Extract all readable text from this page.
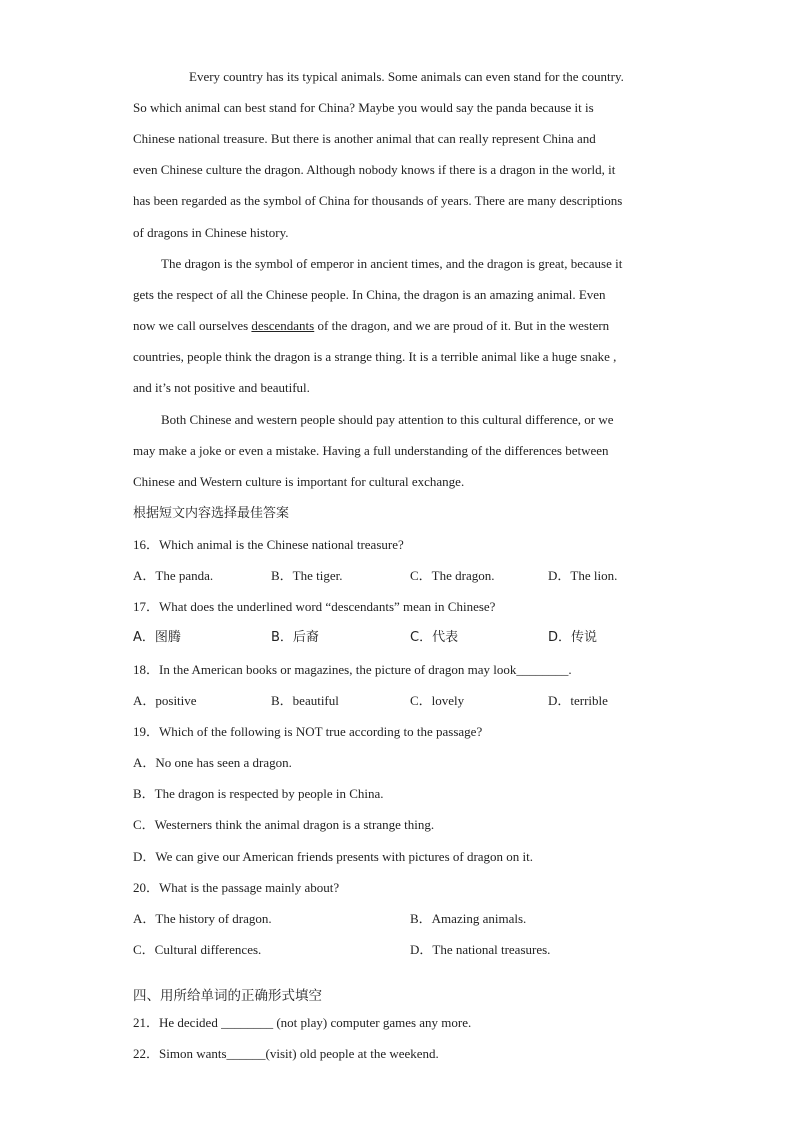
Every country has its typical animals. Some animals can even stand for the country.
So which animal can best stand for China? Maybe you would say the panda because it is
Chinese national treasure. But there is another animal that can really represent China and
even Chinese culture the dragon. Although nobody knows if there is a dragon in the world, it
has been regarded as the symbol of China for thousands of years. There are many descriptions
of dragons in Chinese history.
The dragon is the symbol of emperor in ancient times, and the dragon is great, because it
gets the respect of all the Chinese people. In China, the dragon is an amazing animal. Even
now we call ourselves descendants of the dragon, and we are proud of it. But in the western
countries, people think the dragon is a strange thing. It is a terrible animal like a huge snake ,
and it’s not positive and beautiful.
Both Chinese and western people should pay attention to this cultural difference, or we
may make a joke or even a mistake. Having a full understanding of the differences between
Chinese and Western culture is important for cultural exchange.
根据短文内容选择最佳答案
16．Which animal is the Chinese national treasure?
A．The panda.	B．The tiger.	C．The dragon.	D．The lion.
17．What does the underlined word “descendants” mean in Chinese?
A．图腾	B．后裔	C．代表	D．传说
18．In the American books or magazines, the picture of dragon may look________.
A．positive	B．beautiful	C．lovely	D．terrible
19．Which of the following is NOT true according to the passage?
A．No one has seen a dragon.
B．The dragon is respected by people in China.
C．Westerners think the animal dragon is a strange thing.
D．We can give our American friends presents with pictures of dragon on it.
20．What is the passage mainly about?
A．The history of dragon.	B．Amazing animals.
C．Cultural differences.	D．The national treasures.
四、用所给单词的正确形式填空
21．He decided ________ (not play) computer games any more.
22．Simon wants______(visit) old people at the weekend.
